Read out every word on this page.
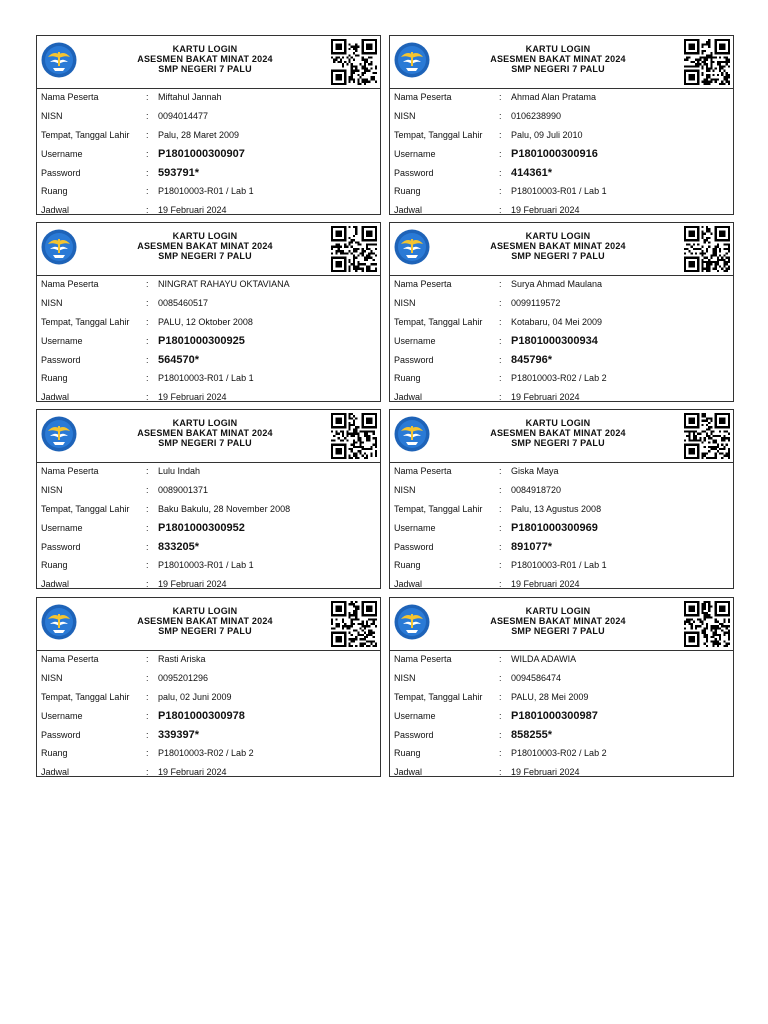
KARTU LOGIN
ASESMEN BAKAT MINAT 2024
SMP NEGERI 7 PALU
Nama Peserta	: Miftahul Jannah
NISN	: 0094014477
Tempat, Tanggal Lahir : Palu, 28 Maret 2009
Username	: P1801000300907
Password	: 593791*
Ruang	: P18010003-R01 / Lab 1
Jadwal	: 19 Februari 2024
KARTU LOGIN
ASESMEN BAKAT MINAT 2024
SMP NEGERI 7 PALU
Nama Peserta	: Ahmad Alan Pratama
NISN	: 0106238990
Tempat, Tanggal Lahir : Palu, 09 Juli 2010
Username	: P1801000300916
Password	: 414361*
Ruang	: P18010003-R01 / Lab 1
Jadwal	: 19 Februari 2024
KARTU LOGIN
ASESMEN BAKAT MINAT 2024
SMP NEGERI 7 PALU
Nama Peserta	: NINGRAT RAHAYU OKTAVIANA
NISN	: 0085460517
Tempat, Tanggal Lahir : PALU, 12 Oktober 2008
Username	: P1801000300925
Password	: 564570*
Ruang	: P18010003-R01 / Lab 1
Jadwal	: 19 Februari 2024
KARTU LOGIN
ASESMEN BAKAT MINAT 2024
SMP NEGERI 7 PALU
Nama Peserta	: Surya Ahmad Maulana
NISN	: 0099119572
Tempat, Tanggal Lahir : Kotabaru, 04 Mei 2009
Username	: P1801000300934
Password	: 845796*
Ruang	: P18010003-R02 / Lab 2
Jadwal	: 19 Februari 2024
KARTU LOGIN
ASESMEN BAKAT MINAT 2024
SMP NEGERI 7 PALU
Nama Peserta	: Lulu Indah
NISN	: 0089001371
Tempat, Tanggal Lahir : Baku Bakulu, 28 November 2008
Username	: P1801000300952
Password	: 833205*
Ruang	: P18010003-R01 / Lab 1
Jadwal	: 19 Februari 2024
KARTU LOGIN
ASESMEN BAKAT MINAT 2024
SMP NEGERI 7 PALU
Nama Peserta	: Giska Maya
NISN	: 0084918720
Tempat, Tanggal Lahir : Palu, 13 Agustus 2008
Username	: P1801000300969
Password	: 891077*
Ruang	: P18010003-R01 / Lab 1
Jadwal	: 19 Februari 2024
KARTU LOGIN
ASESMEN BAKAT MINAT 2024
SMP NEGERI 7 PALU
Nama Peserta	: Rasti Ariska
NISN	: 0095201296
Tempat, Tanggal Lahir : palu, 02 Juni 2009
Username	: P1801000300978
Password	: 339397*
Ruang	: P18010003-R02 / Lab 2
Jadwal	: 19 Februari 2024
KARTU LOGIN
ASESMEN BAKAT MINAT 2024
SMP NEGERI 7 PALU
Nama Peserta	: WILDA ADAWIA
NISN	: 0094586474
Tempat, Tanggal Lahir : PALU, 28 Mei 2009
Username	: P1801000300987
Password	: 858255*
Ruang	: P18010003-R02 / Lab 2
Jadwal	: 19 Februari 2024
